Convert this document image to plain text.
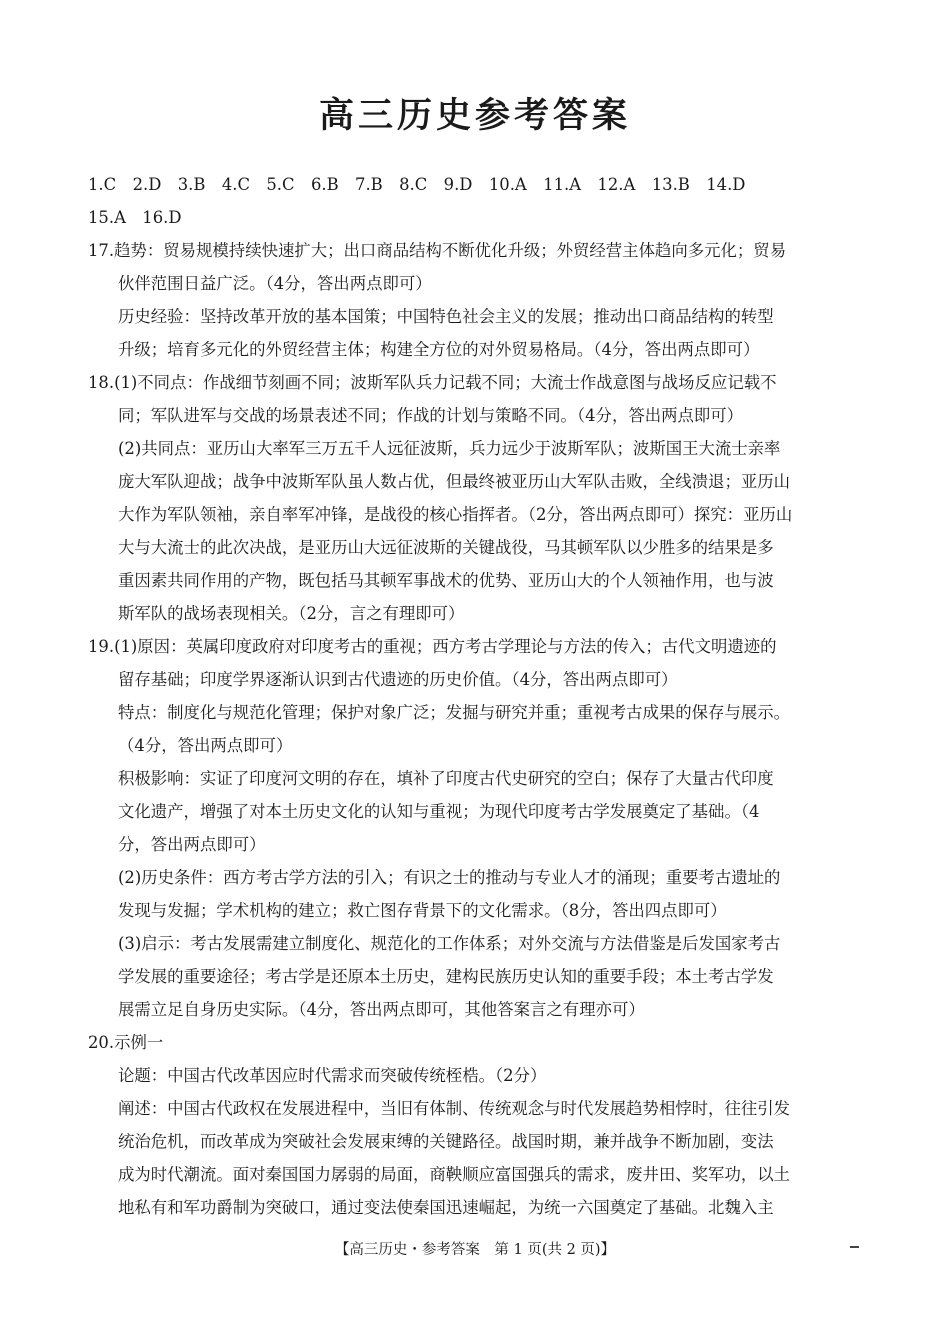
高三历史参考答案
1.C　2.D　3.B　4.C　5.C　6.B　7.B　8.C　9.D　10.A　11.A　12.A　13.B　14.D
15.A　16.D
17.趋势：贸易规模持续快速扩大；出口商品结构不断优化升级；外贸经营主体趋向多元化；贸易
伙伴范围日益广泛。（4分，答出两点即可）
历史经验：坚持改革开放的基本国策；中国特色社会主义的发展；推动出口商品结构的转型
升级；培育多元化的外贸经营主体；构建全方位的对外贸易格局。（4分，答出两点即可）
18.(1)不同点：作战细节刻画不同；波斯军队兵力记载不同；大流士作战意图与战场反应记载不
同；军队进军与交战的场景表述不同；作战的计划与策略不同。（4分，答出两点即可）
(2)共同点：亚历山大率军三万五千人远征波斯，兵力远少于波斯军队；波斯国王大流士亲率
庞大军队迎战；战争中波斯军队虽人数占优，但最终被亚历山大军队击败，全线溃退；亚历山
大作为军队领袖，亲自率军冲锋，是战役的核心指挥者。（2分，答出两点即可）探究：亚历山
大与大流士的此次决战，是亚历山大远征波斯的关键战役，马其顿军队以少胜多的结果是多
重因素共同作用的产物，既包括马其顿军事战术的优势、亚历山大的个人领袖作用，也与波
斯军队的战场表现相关。（2分，言之有理即可）
19.(1)原因：英属印度政府对印度考古的重视；西方考古学理论与方法的传入；古代文明遗迹的
留存基础；印度学界逐渐认识到古代遗迹的历史价值。（4分，答出两点即可）
特点：制度化与规范化管理；保护对象广泛；发掘与研究并重；重视考古成果的保存与展示。
（4分，答出两点即可）
积极影响：实证了印度河文明的存在，填补了印度古代史研究的空白；保存了大量古代印度
文化遗产，增强了对本土历史文化的认知与重视；为现代印度考古学发展奠定了基础。（4
分，答出两点即可）
(2)历史条件：西方考古学方法的引入；有识之士的推动与专业人才的涌现；重要考古遗址的
发现与发掘；学术机构的建立；救亡图存背景下的文化需求。（8分，答出四点即可）
(3)启示：考古发展需建立制度化、规范化的工作体系；对外交流与方法借鉴是后发国家考古
学发展的重要途径；考古学是还原本土历史，建构民族历史认知的重要手段；本土考古学发
展需立足自身历史实际。（4分，答出两点即可，其他答案言之有理亦可）
20.示例一
论题：中国古代改革因应时代需求而突破传统桎梏。（2分）
阐述：中国古代政权在发展进程中，当旧有体制、传统观念与时代发展趋势相悖时，往往引发
统治危机，而改革成为突破社会发展束缚的关键路径。战国时期，兼并战争不断加剧，变法
成为时代潮流。面对秦国国力孱弱的局面，商鞅顺应富国强兵的需求，废井田、奖军功，以土
地私有和军功爵制为突破口，通过变法使秦国迅速崛起，为统一六国奠定了基础。北魏入主
【高三历史・参考答案　第 1 页(共 2 页)】
